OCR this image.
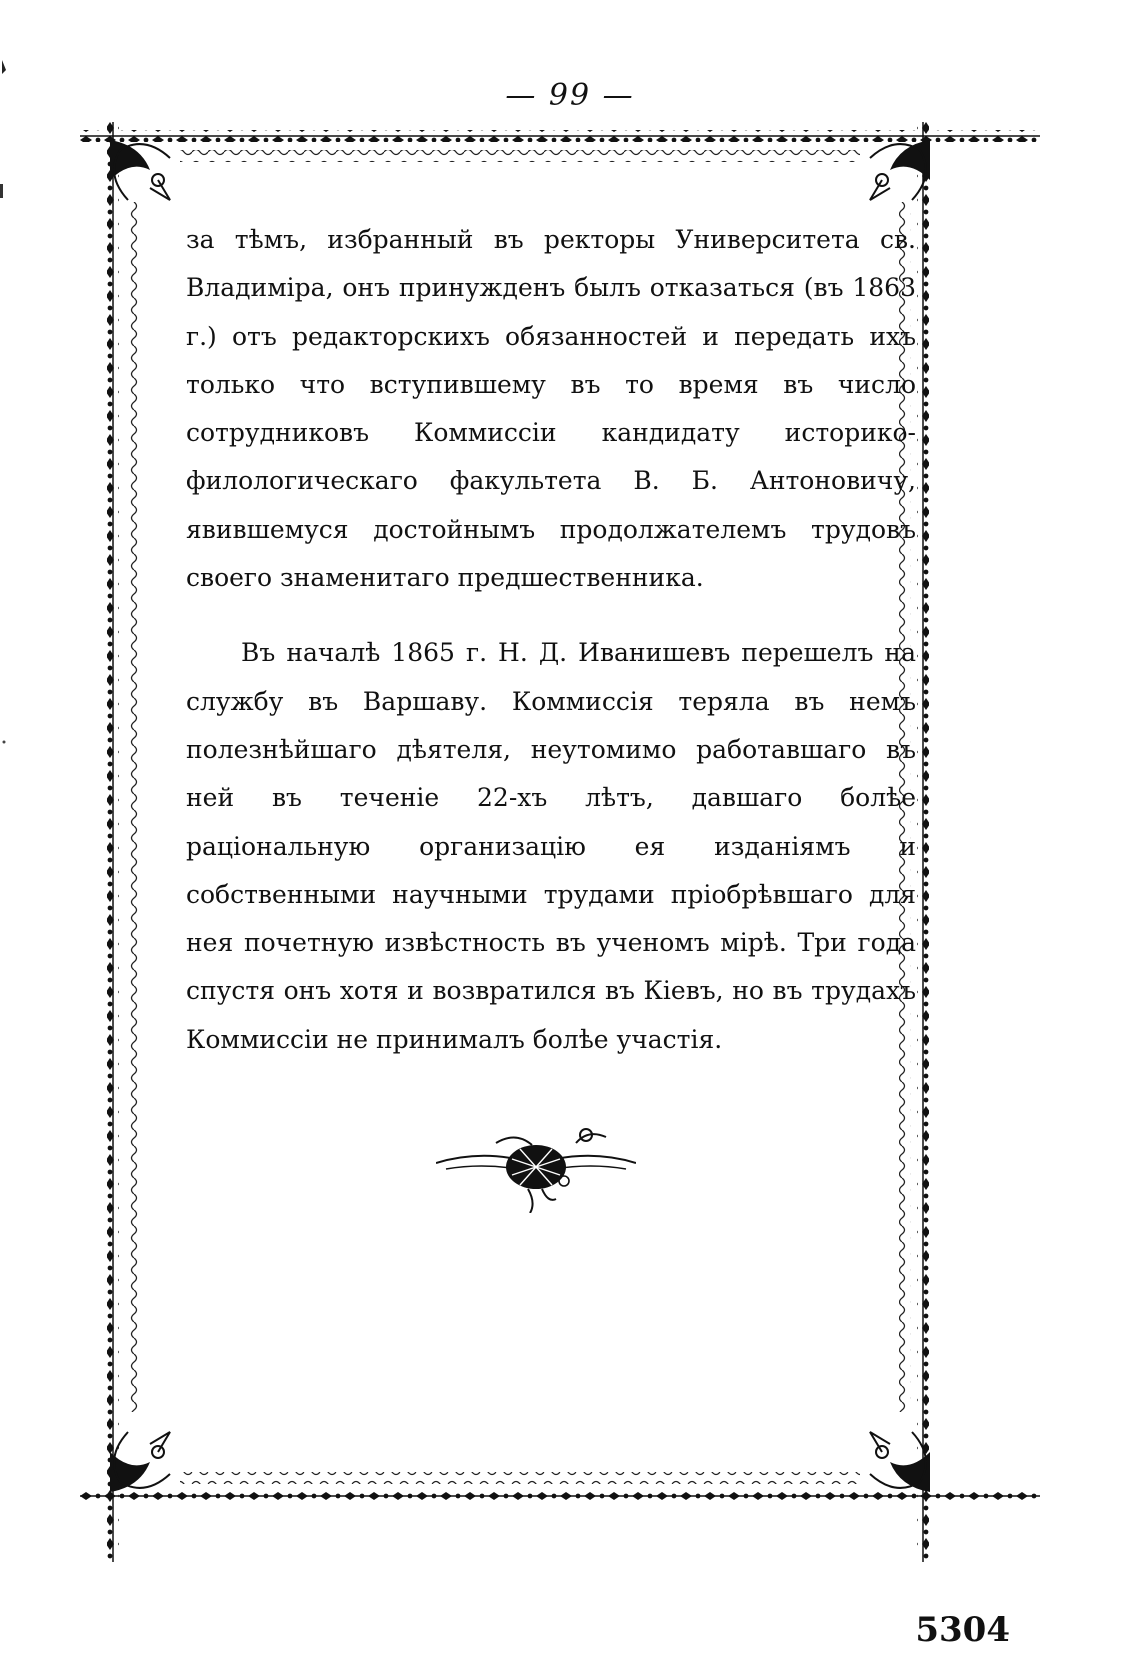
— 99 —

за тѣмъ, избранный въ ректоры Университета св. Владиміра, онъ принужденъ былъ отказаться (въ 1863 г.) отъ редакторскихъ обязанностей и передать ихъ только что вступившему въ то время въ число сотрудниковъ Коммиссіи кандидату историко-филологическаго факультета В. Б. Антоновичу, явившемуся достойнымъ продолжателемъ трудовъ своего знаменитаго предшественника.

Въ началѣ 1865 г. Н. Д. Иванишевъ перешелъ на службу въ Варшаву. Коммиссія теряла въ немъ полезнѣйшаго дѣятеля, неутомимо работавшаго въ ней въ теченіе 22-хъ лѣтъ, давшаго болѣе раціональную организацію ея изданіямъ и собственными научными трудами пріобрѣвшаго для нея почетную извѣстность въ ученомъ мірѣ. Три года спустя онъ хотя и возвратился въ Кіевъ, но въ трудахъ Коммиссіи не принималъ болѣе участія.

5304
